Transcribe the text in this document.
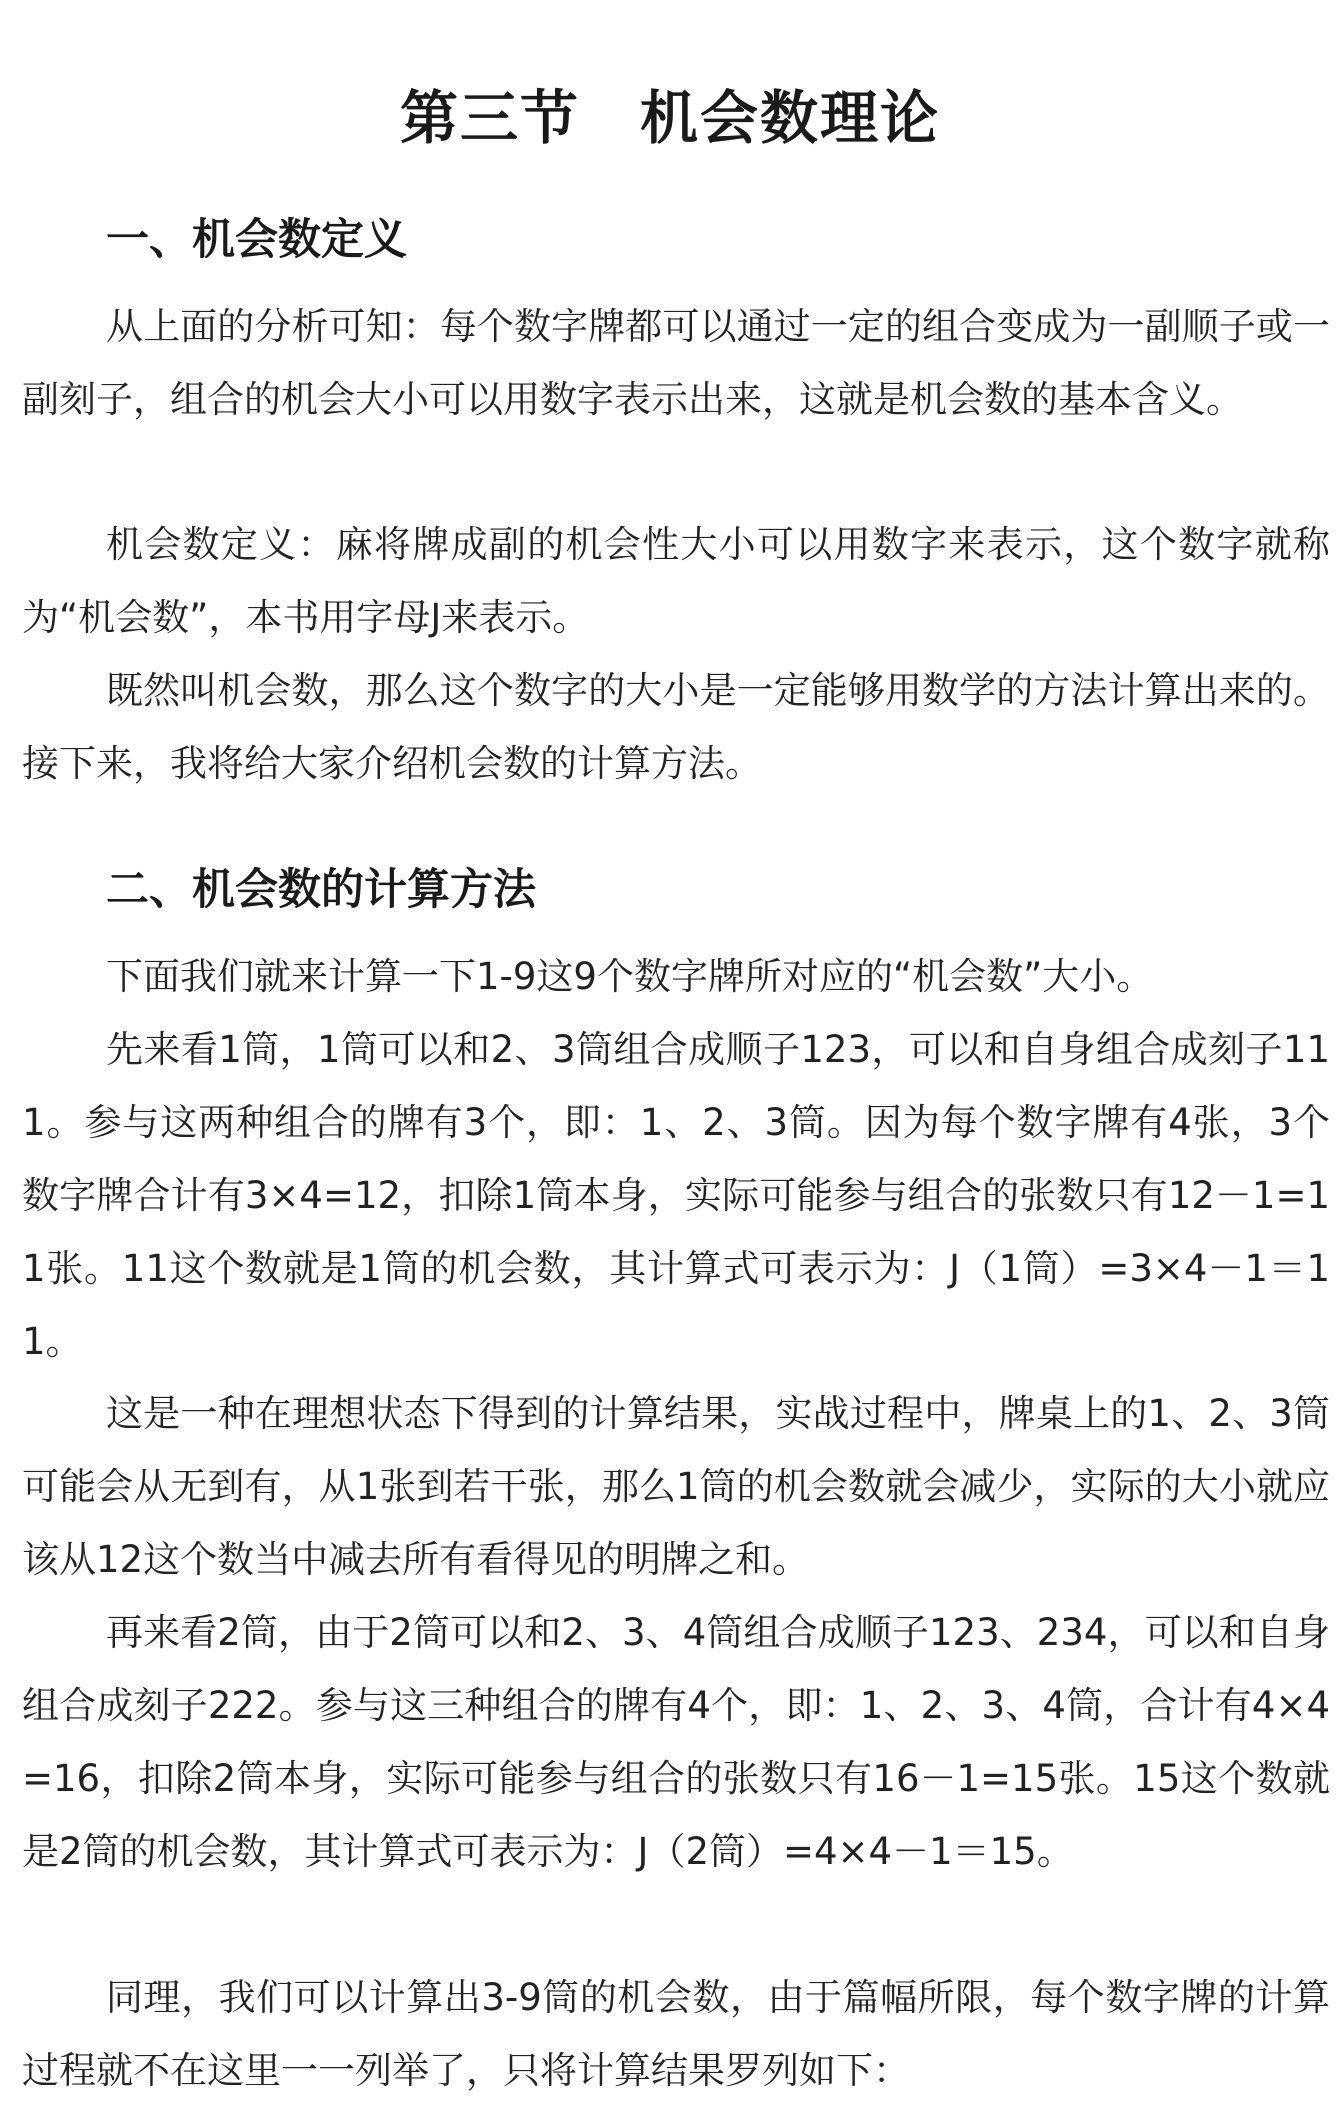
第三节　机会数理论
一、机会数定义

从上面的分析可知：每个数字牌都可以通过一定的组合变成为一副顺子或一副刻子，组合的机会大小可以用数字表示出来，这就是机会数的基本含义。

机会数定义：麻将牌成副的机会性大小可以用数字来表示，这个数字就称为“机会数”，本书用字母J来表示。

既然叫机会数，那么这个数字的大小是一定能够用数学的方法计算出来的。接下来，我将给大家介绍机会数的计算方法。

二、机会数的计算方法

下面我们就来计算一下1-9这9个数字牌所对应的“机会数”大小。

先来看1筒，1筒可以和2、3筒组合成顺子123，可以和自身组合成刻子111。参与这两种组合的牌有3个，即：1、2、3筒。因为每个数字牌有4张，3个数字牌合计有3×4=12，扣除1筒本身，实际可能参与组合的张数只有12－1=11张。11这个数就是1筒的机会数，其计算式可表示为：J（1筒）=3×4－1＝11。

这是一种在理想状态下得到的计算结果，实战过程中，牌桌上的1、2、3筒可能会从无到有，从1张到若干张，那么1筒的机会数就会减少，实际的大小就应该从12这个数当中减去所有看得见的明牌之和。

再来看2筒，由于2筒可以和2、3、4筒组合成顺子123、234，可以和自身组合成刻子222。参与这三种组合的牌有4个，即：1、2、3、4筒，合计有4×4=16，扣除2筒本身，实际可能参与组合的张数只有16－1=15张。15这个数就是2筒的机会数，其计算式可表示为：J（2筒）=4×4－1＝15。

同理，我们可以计算出3-9筒的机会数，由于篇幅所限，每个数字牌的计算过程就不在这里一一列举了，只将计算结果罗列如下：
